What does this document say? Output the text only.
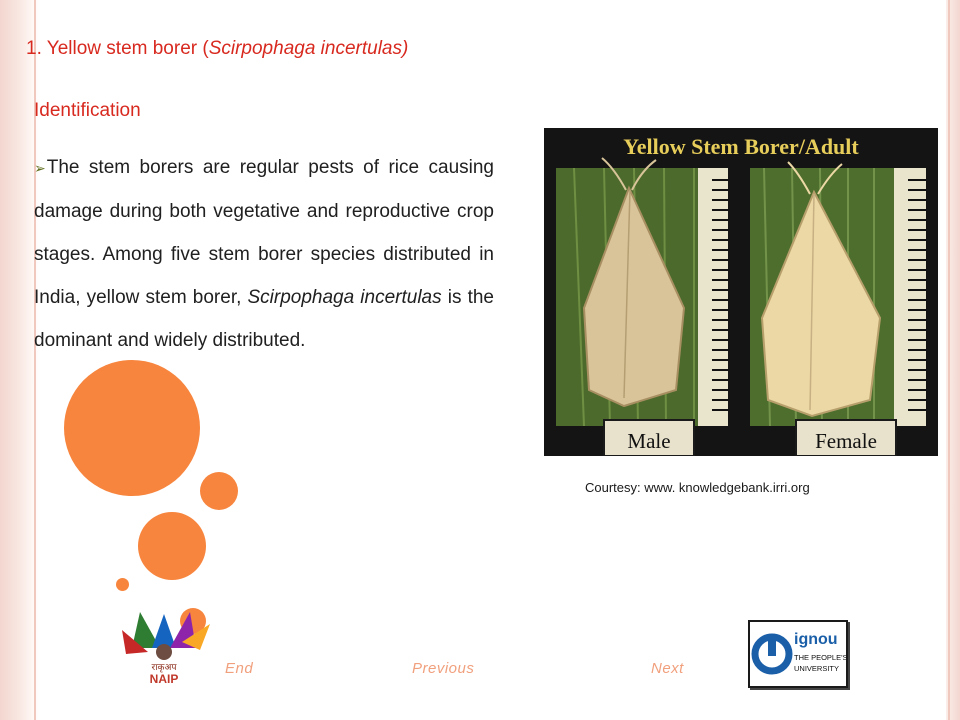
1. Yellow stem borer (Scirpophaga incertulas)
Identification
➢The stem borers are regular pests of rice causing damage during both vegetative and reproductive crop stages. Among five stem borer species distributed in India, yellow stem borer, Scirpophaga incertulas is the dominant and widely distributed.
Yellow Stem Borer/Adult
Male	Female
Courtesy: www. knowledgebank.irri.org
राकृअप
NAIP
End	Previous	Next
ignou
THE PEOPLE'S
UNIVERSITY
